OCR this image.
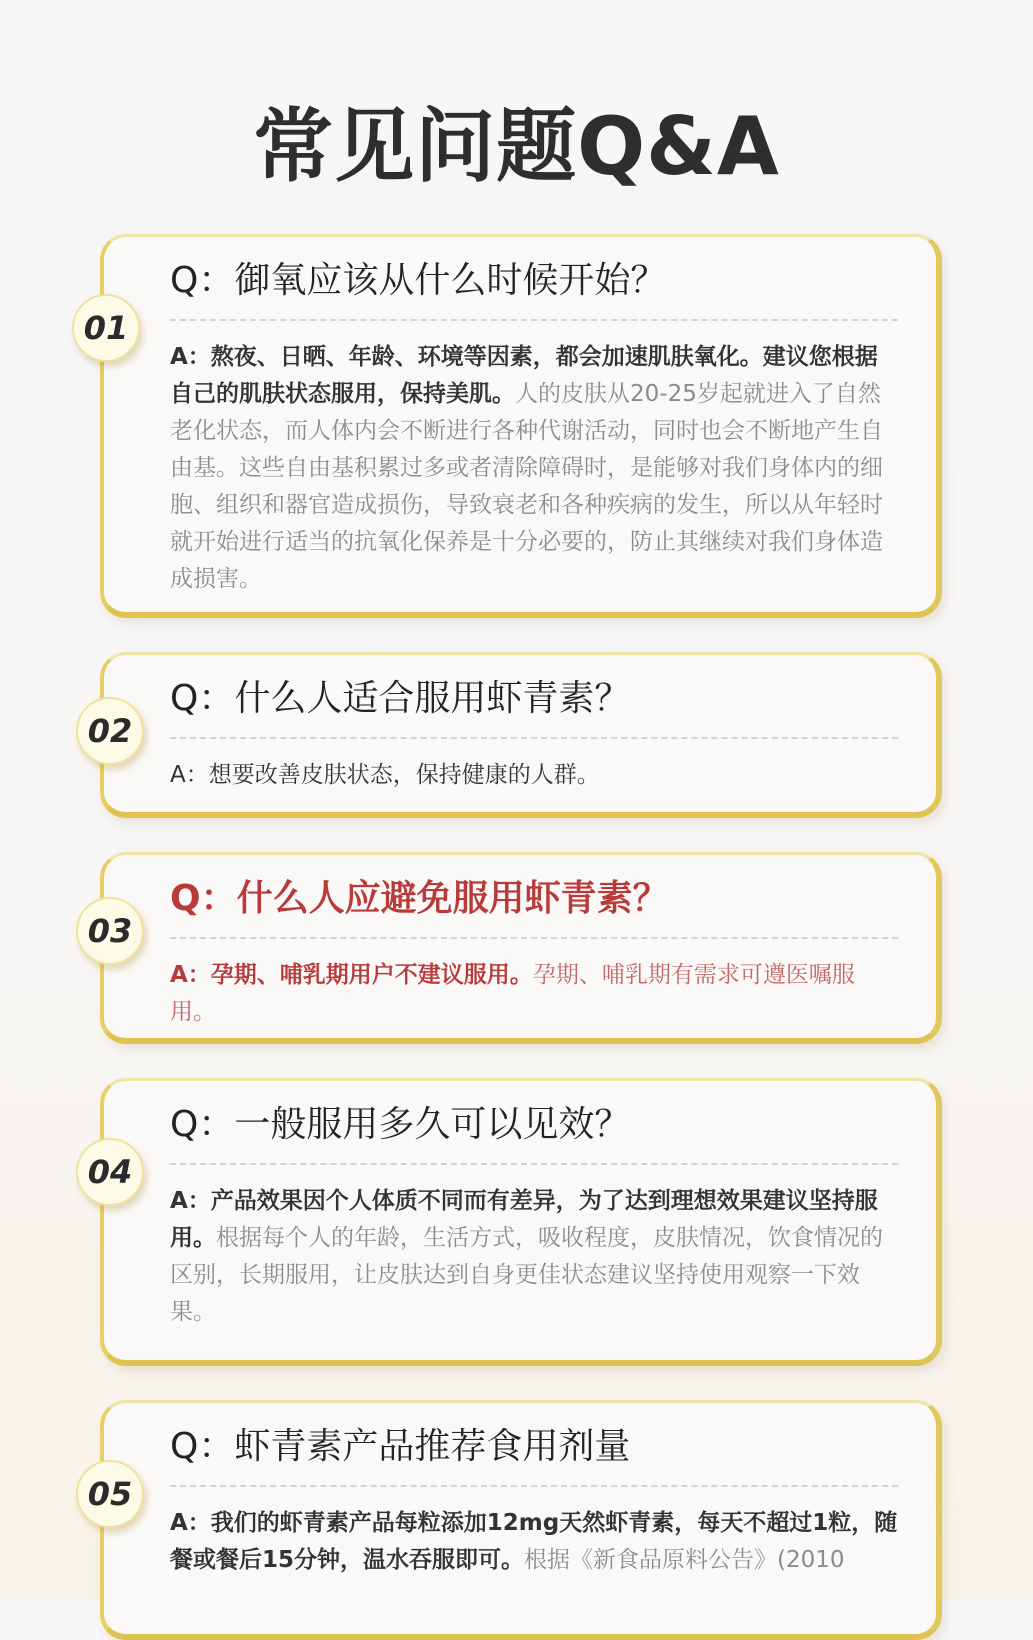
常见问题Q&A
Q：御氧应该从什么时候开始？
A：熬夜、日晒、年龄、环境等因素，都会加速肌肤氧化。建议您根据自己的肌肤状态服用，保持美肌。人的皮肤从20-25岁起就进入了自然老化状态，而人体内会不断进行各种代谢活动，同时也会不断地产生自由基。这些自由基积累过多或者清除障碍时，是能够对我们身体内的细胞、组织和器官造成损伤，导致衰老和各种疾病的发生，所以从年轻时就开始进行适当的抗氧化保养是十分必要的，防止其继续对我们身体造成损害。
01
Q：什么人适合服用虾青素？
A：想要改善皮肤状态，保持健康的人群。
02
Q：什么人应避免服用虾青素？
A：孕期、哺乳期用户不建议服用。孕期、哺乳期有需求可遵医嘱服用。
03
Q：一般服用多久可以见效？
A：产品效果因个人体质不同而有差异，为了达到理想效果建议坚持服用。根据每个人的年龄，生活方式，吸收程度，皮肤情况，饮食情况的区别，长期服用，让皮肤达到自身更佳状态建议坚持使用观察一下效果。
04
Q：虾青素产品推荐食用剂量
A：我们的虾青素产品每粒添加12mg天然虾青素，每天不超过1粒，随餐或餐后15分钟，温水吞服即可。根据《新食品原料公告》(2010
05
